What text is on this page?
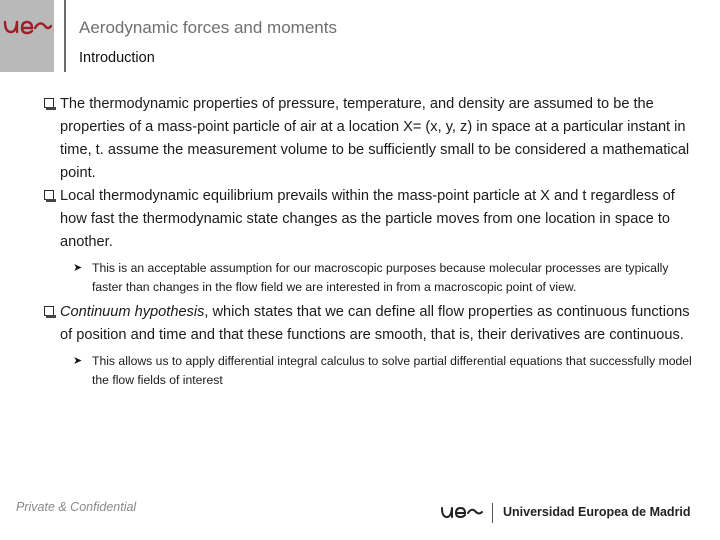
Aerodynamic forces and moments
Introduction
The thermodynamic properties of pressure, temperature, and density are assumed to be the properties of a mass-point particle of air at a location X= (x, y, z) in space at a particular instant in time, t. assume the measurement volume to be sufficiently small to be considered a mathematical point.
Local thermodynamic equilibrium prevails within the mass-point particle at X and t regardless of how fast the thermodynamic state changes as the particle moves from one location in space to another.
➤ This is an acceptable assumption for our macroscopic purposes because molecular processes are typically faster than changes in the flow field we are interested in from a macroscopic point of view.
Continuum hypothesis, which states that we can define all flow properties as continuous functions of position and time and that these functions are smooth, that is, their derivatives are continuous.
➤ This allows us to apply differential integral calculus to solve partial differential equations that successfully model the flow fields of interest
Private & Confidential	Universidad Europea de Madrid
